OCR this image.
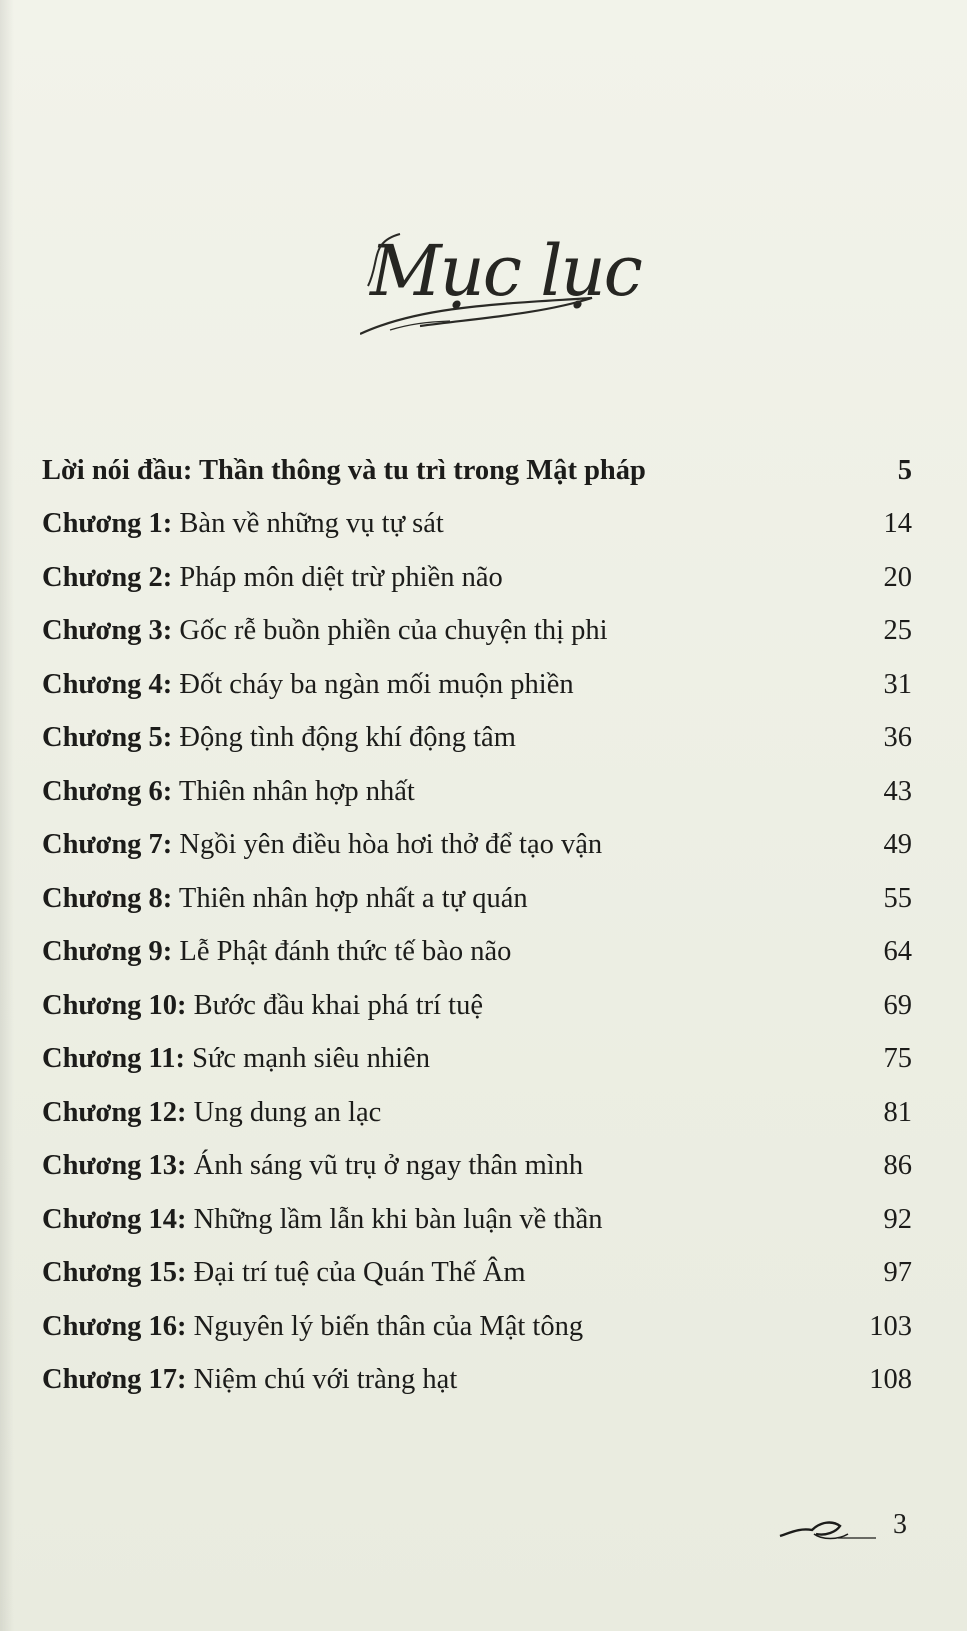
Mục lục
Lời nói đầu: Thần thông và tu trì trong Mật pháp	5
Chương 1: Bàn về những vụ tự sát	14
Chương 2: Pháp môn diệt trừ phiền não	20
Chương 3: Gốc rễ buồn phiền của chuyện thị phi	25
Chương 4: Đốt cháy ba ngàn mối muộn phiền	31
Chương 5: Động tình động khí động tâm	36
Chương 6: Thiên nhân hợp nhất	43
Chương 7: Ngồi yên điều hòa hơi thở để tạo vận	49
Chương 8: Thiên nhân hợp nhất a tự quán	55
Chương 9: Lễ Phật đánh thức tế bào não	64
Chương 10: Bước đầu khai phá trí tuệ	69
Chương 11: Sức mạnh siêu nhiên	75
Chương 12: Ung dung an lạc	81
Chương 13: Ánh sáng vũ trụ ở ngay thân mình	86
Chương 14: Những lầm lẫn khi bàn luận về thần	92
Chương 15: Đại trí tuệ của Quán Thế Âm	97
Chương 16: Nguyên lý biến thân của Mật tông	103
Chương 17: Niệm chú với tràng hạt	108
3
